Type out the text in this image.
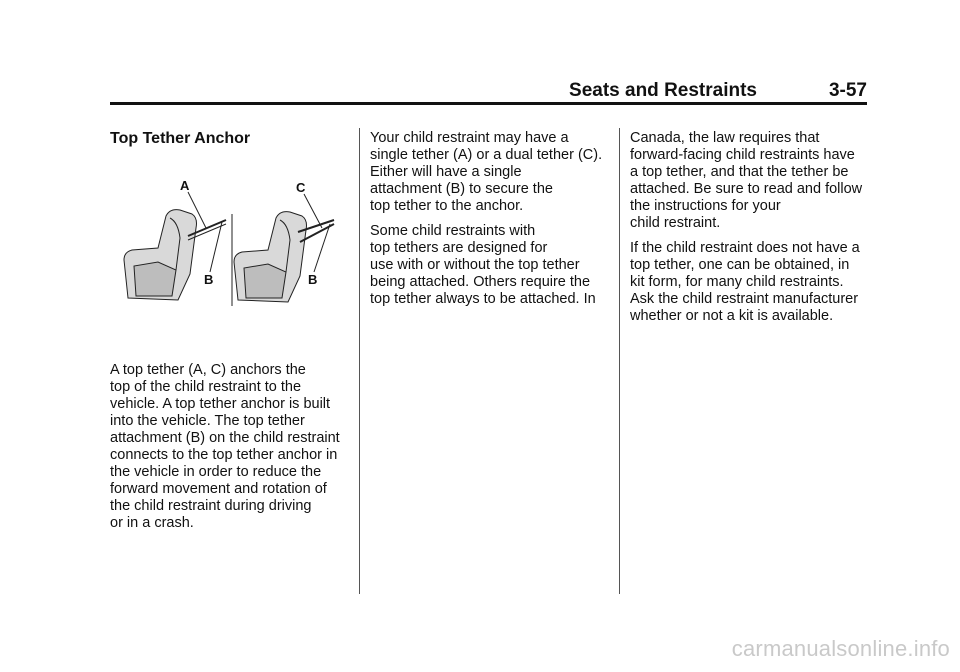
Seats and Restraints	3-57
Top Tether Anchor
A
B
C
B

A top tether (A, C) anchors the
top of the child restraint to the
vehicle. A top tether anchor is built
into the vehicle. The top tether
attachment (B) on the child restraint
connects to the top tether anchor in
the vehicle in order to reduce the
forward movement and rotation of
the child restraint during driving
or in a crash.

Your child restraint may have a
single tether (A) or a dual tether (C).
Either will have a single
attachment (B) to secure the
top tether to the anchor.

Some child restraints with
top tethers are designed for
use with or without the top tether
being attached. Others require the
top tether always to be attached. In

Canada, the law requires that
forward-facing child restraints have
a top tether, and that the tether be
attached. Be sure to read and follow
the instructions for your
child restraint.

If the child restraint does not have a
top tether, one can be obtained, in
kit form, for many child restraints.
Ask the child restraint manufacturer
whether or not a kit is available.

carmanualsonline.info
